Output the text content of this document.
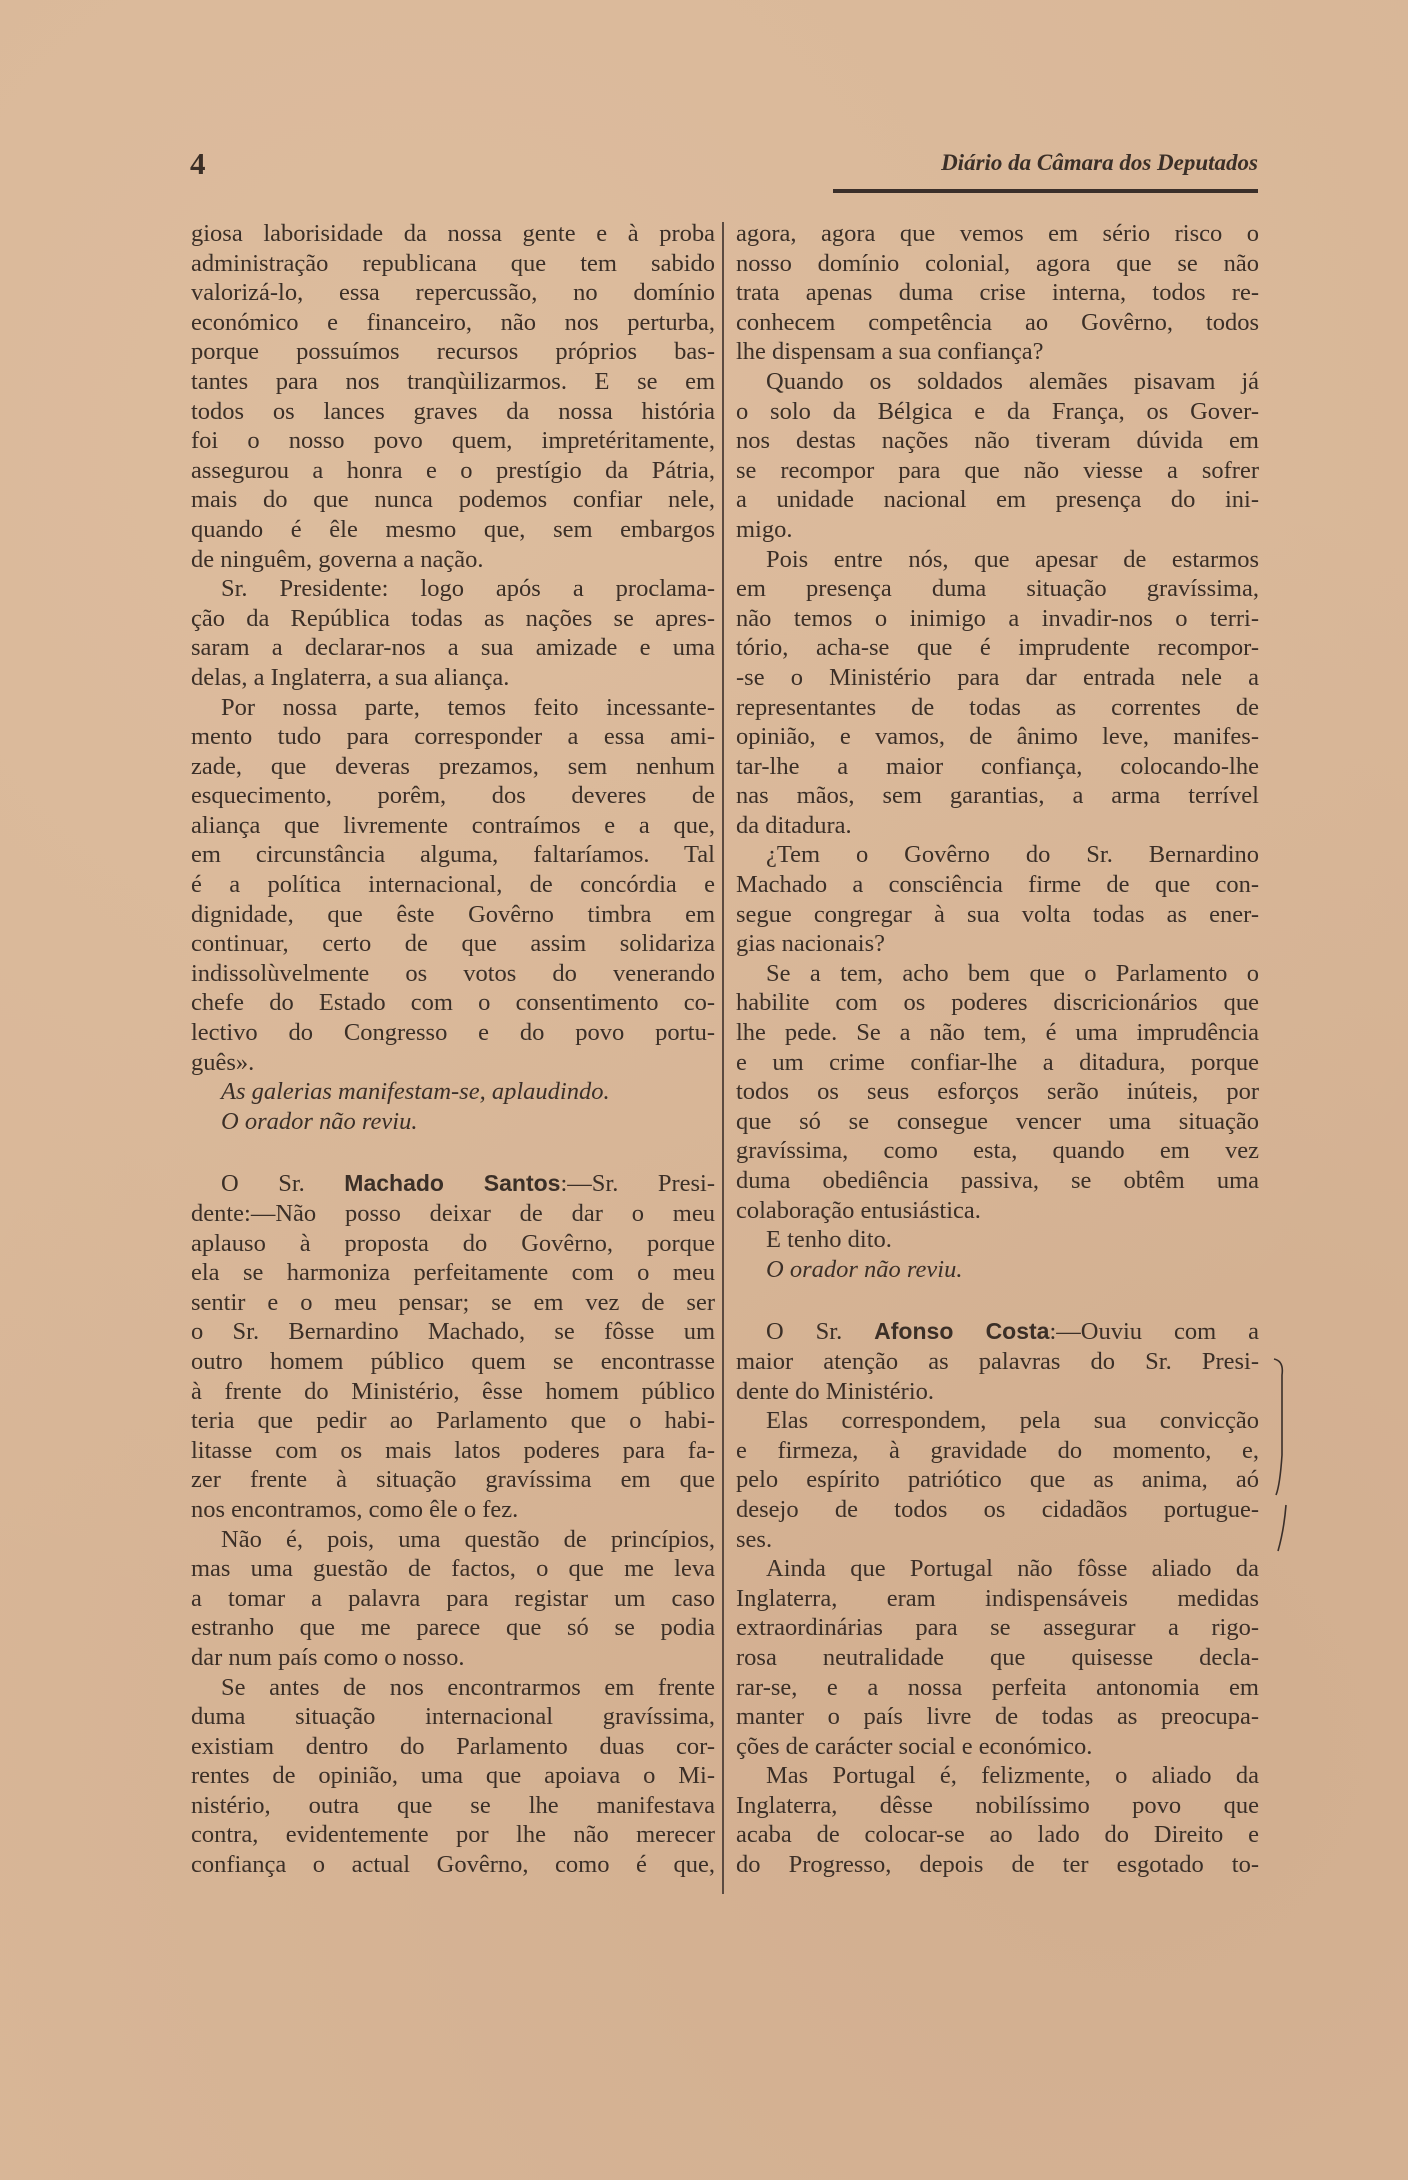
4	Diário da Câmara dos Deputados
giosa laborisidade da nossa gente e à proba
administração republicana que tem sabido
valorizá-lo, essa repercussão, no domínio
económico e financeiro, não nos perturba,
porque possuímos recursos próprios bas-
tantes para nos tranqùilizarmos. E se em
todos os lances graves da nossa história
foi o nosso povo quem, impretéritamente,
assegurou a honra e o prestígio da Pátria,
mais do que nunca podemos confiar nele,
quando é êle mesmo que, sem embargos
de ninguêm, governa a nação.
Sr. Presidente: logo após a proclama-
ção da República todas as nações se apres-
saram a declarar-nos a sua amizade e uma
delas, a Inglaterra, a sua aliança.
Por nossa parte, temos feito incessante-
mento tudo para corresponder a essa ami-
zade, que deveras prezamos, sem nenhum
esquecimento, porêm, dos deveres de
aliança que livremente contraímos e a que,
em circunstância alguma, faltaríamos. Tal
é a política internacional, de concórdia e
dignidade, que êste Govêrno timbra em
continuar, certo de que assim solidariza
indissolùvelmente os votos do venerando
chefe do Estado com o consentimento co-
lectivo do Congresso e do povo portu-
guês».
As galerias manifestam-se, aplaudindo.
O orador não reviu.
O Sr. Machado Santos:—Sr. Presi-
dente:—Não posso deixar de dar o meu
aplauso à proposta do Govêrno, porque
ela se harmoniza perfeitamente com o meu
sentir e o meu pensar; se em vez de ser
o Sr. Bernardino Machado, se fôsse um
outro homem público quem se encontrasse
à frente do Ministério, êsse homem público
teria que pedir ao Parlamento que o habi-
litasse com os mais latos poderes para fa-
zer frente à situação gravíssima em que
nos encontramos, como êle o fez.
Não é, pois, uma questão de princípios,
mas uma guestão de factos, o que me leva
a tomar a palavra para registar um caso
estranho que me parece que só se podia
dar num país como o nosso.
Se antes de nos encontrarmos em frente
duma situação internacional gravíssima,
existiam dentro do Parlamento duas cor-
rentes de opinião, uma que apoiava o Mi-
nistério, outra que se lhe manifestava
contra, evidentemente por lhe não merecer
confiança o actual Govêrno, como é que,
agora, agora que vemos em sério risco o
nosso domínio colonial, agora que se não
trata apenas duma crise interna, todos re-
conhecem competência ao Govêrno, todos
lhe dispensam a sua confiança?
Quando os soldados alemães pisavam já
o solo da Bélgica e da França, os Gover-
nos destas nações não tiveram dúvida em
se recompor para que não viesse a sofrer
a unidade nacional em presença do ini-
migo.
Pois entre nós, que apesar de estarmos
em presença duma situação gravíssima,
não temos o inimigo a invadir-nos o terri-
tório, acha-se que é imprudente recompor-
-se o Ministério para dar entrada nele a
representantes de todas as correntes de
opinião, e vamos, de ânimo leve, manifes-
tar-lhe a maior confiança, colocando-lhe
nas mãos, sem garantias, a arma terrível
da ditadura.
¿Tem o Govêrno do Sr. Bernardino
Machado a consciência firme de que con-
segue congregar à sua volta todas as ener-
gias nacionais?
Se a tem, acho bem que o Parlamento o
habilite com os poderes discricionários que
lhe pede. Se a não tem, é uma imprudência
e um crime confiar-lhe a ditadura, porque
todos os seus esforços serão inúteis, por
que só se consegue vencer uma situação
gravíssima, como esta, quando em vez
duma obediência passiva, se obtêm uma
colaboração entusiástica.
E tenho dito.
O orador não reviu.
O Sr. Afonso Costa:—Ouviu com a
maior atenção as palavras do Sr. Presi-
dente do Ministério.
Elas correspondem, pela sua convicção
e firmeza, à gravidade do momento, e,
pelo espírito patriótico que as anima, aó
desejo de todos os cidadãos portugue-
ses.
Ainda que Portugal não fôsse aliado da
Inglaterra, eram indispensáveis medidas
extraordinárias para se assegurar a rigo-
rosa neutralidade que quisesse decla-
rar-se, e a nossa perfeita antonomia em
manter o país livre de todas as preocupa-
ções de carácter social e económico.
Mas Portugal é, felizmente, o aliado da
Inglaterra, dêsse nobilíssimo povo que
acaba de colocar-se ao lado do Direito e
do Progresso, depois de ter esgotado to-
